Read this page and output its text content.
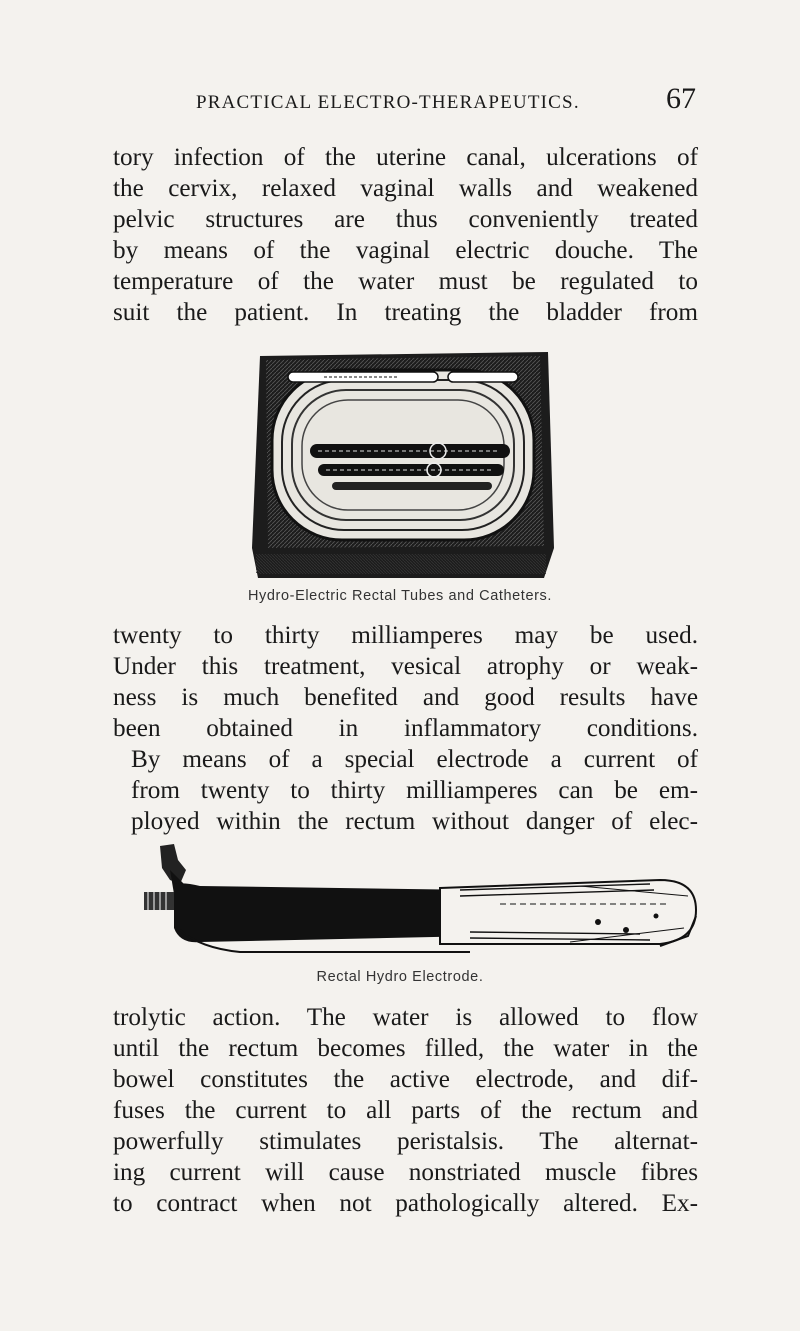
PRACTICAL ELECTRO-THERAPEUTICS.	67
tory infection of the uterine canal, ulcerations of
the cervix, relaxed vaginal walls and weakened
pelvic structures are thus conveniently treated
by means of the vaginal electric douche. The
temperature of the water must be regulated to
suit the patient. In treating the bladder from
Hydro-Electric Rectal Tubes and Catheters.
twenty to thirty milliamperes may be used.
Under this treatment, vesical atrophy or weak-
ness is much benefited and good results have
been obtained in inflammatory conditions.
By means of a special electrode a current of
from twenty to thirty milliamperes can be em-
ployed within the rectum without danger of elec-
Rectal Hydro Electrode.
trolytic action. The water is allowed to flow
until the rectum becomes filled, the water in the
bowel constitutes the active electrode, and dif-
fuses the current to all parts of the rectum and
powerfully stimulates peristalsis. The alternat-
ing current will cause nonstriated muscle fibres
to contract when not pathologically altered. Ex-
